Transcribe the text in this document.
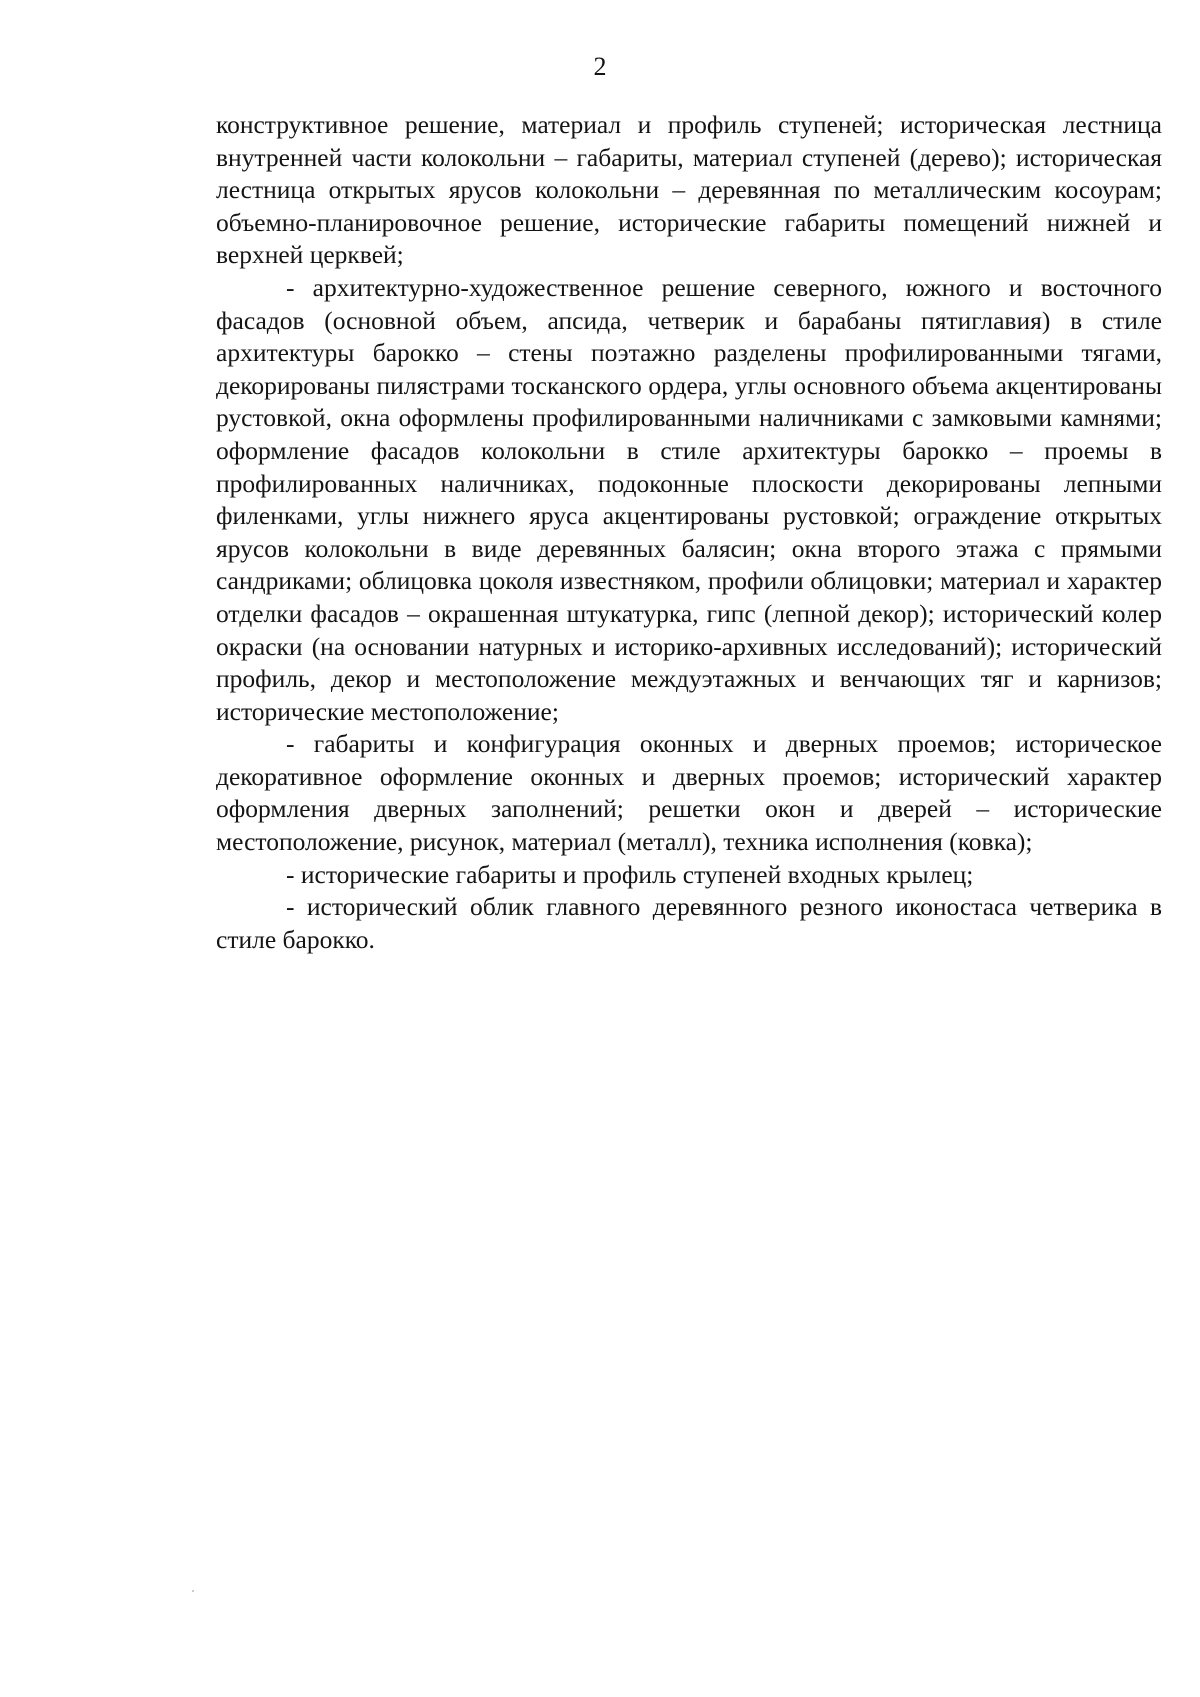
2

конструктивное решение, материал и профиль ступеней; историческая лестница внутренней части колокольни – габариты, материал ступеней (дерево); историческая лестница открытых ярусов колокольни – деревянная по металлическим косоурам; объемно-планировочное решение, исторические габариты помещений нижней и верхней церквей;

- архитектурно-художественное решение северного, южного и восточного фасадов (основной объем, апсида, четверик и барабаны пятиглавия) в стиле архитектуры барокко – стены поэтажно разделены профилированными тягами, декорированы пилястрами тосканского ордера, углы основного объема акцентированы рустовкой, окна оформлены профилированными наличниками с замковыми камнями; оформление фасадов колокольни в стиле архитектуры барокко – проемы в профилированных наличниках, подоконные плоскости декорированы лепными филенками, углы нижнего яруса акцентированы рустовкой; ограждение открытых ярусов колокольни в виде деревянных балясин; окна второго этажа с прямыми сандриками; облицовка цоколя известняком, профили облицовки; материал и характер отделки фасадов – окрашенная штукатурка, гипс (лепной декор); исторический колер окраски (на основании натурных и историко-архивных исследований); исторический профиль, декор и местоположение междуэтажных и венчающих тяг и карнизов; исторические местоположение;

- габариты и конфигурация оконных и дверных проемов; историческое декоративное оформление оконных и дверных проемов; исторический характер оформления дверных заполнений; решетки окон и дверей – исторические местоположение, рисунок, материал (металл), техника исполнения (ковка);

- исторические габариты и профиль ступеней входных крылец;

- исторический облик главного деревянного резного иконостаса четверика в стиле барокко.
